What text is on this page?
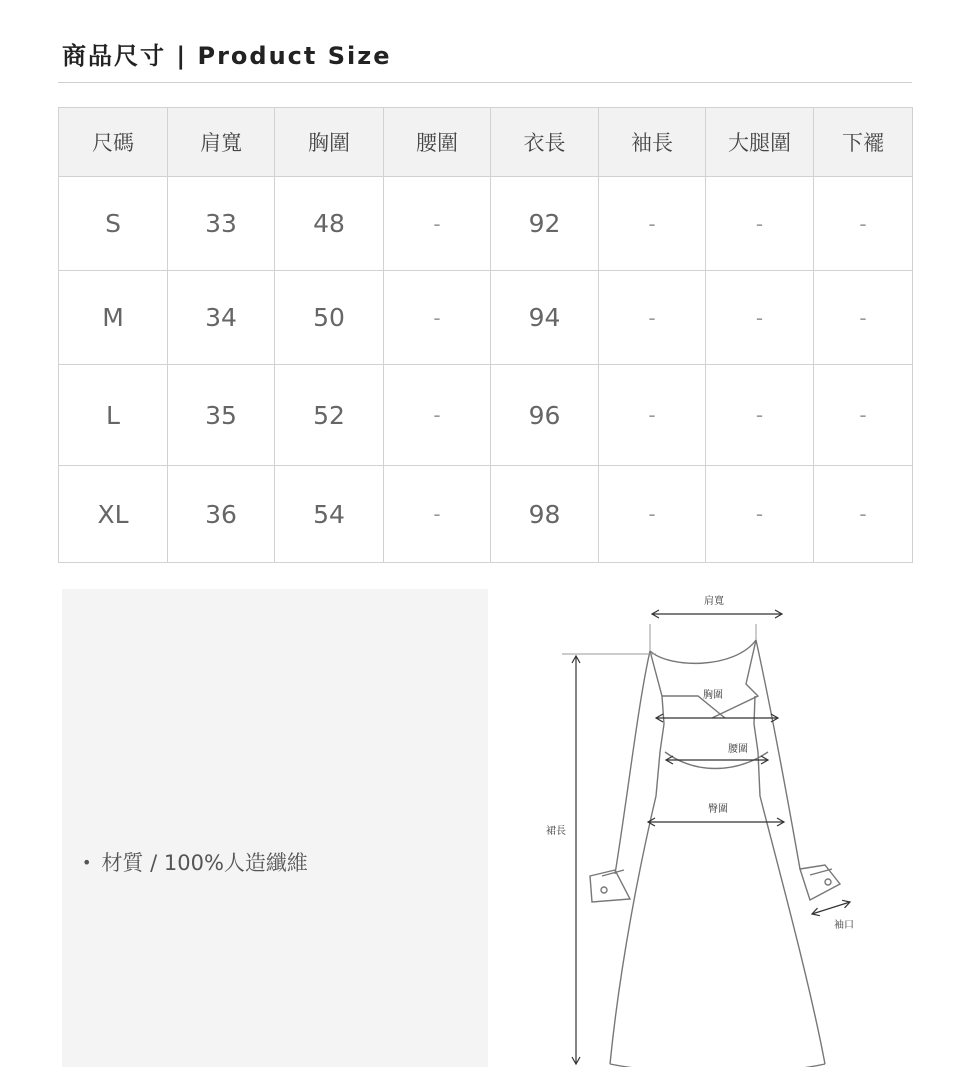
商品尺寸 | Product Size
尺碼	肩寬	胸圍	腰圍	衣長	袖長	大腿圍	下襬
S	33	48	-	92	-	-	-
M	34	50	-	94	-	-	-
L	35	52	-	96	-	-	-
XL	36	54	-	98	-	-	-
• 材質 / 100%人造纖維
肩寬
胸圍
腰圍
臀圍
裙長
袖口
